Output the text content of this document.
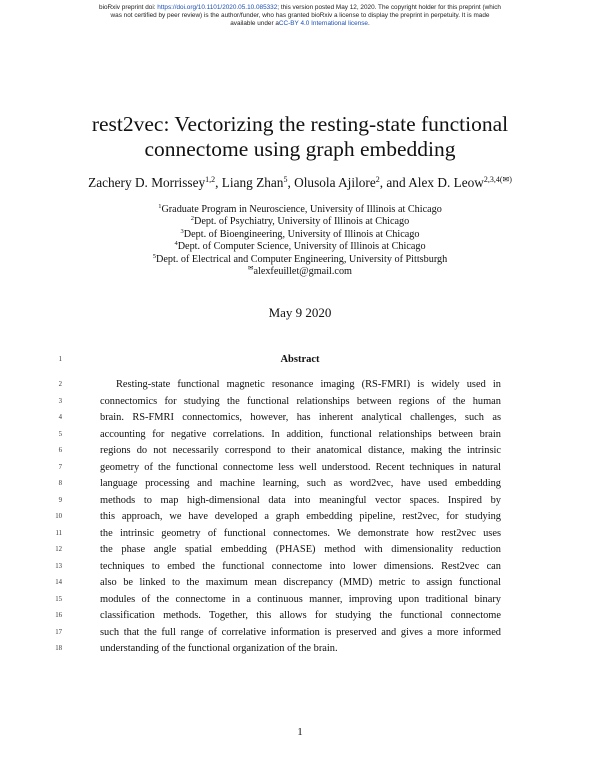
bioRxiv preprint doi: https://doi.org/10.1101/2020.05.10.085332; this version posted May 12, 2020. The copyright holder for this preprint (which
was not certified by peer review) is the author/funder, who has granted bioRxiv a license to display the preprint in perpetuity. It is made
available under aCC-BY 4.0 International license.
rest2vec: Vectorizing the resting-state functional
connectome using graph embedding
Zachery D. Morrissey$^{1,2}$, Liang Zhan$^5$, Olusola Ajilore$^2$, and Alex D. Leow$^{2,3,4(✉)}$
$^1$Graduate Program in Neuroscience, University of Illinois at Chicago
$^2$Dept. of Psychiatry, University of Illinois at Chicago
$^3$Dept. of Bioengineering, University of Illinois at Chicago
$^4$Dept. of Computer Science, University of Illinois at Chicago
$^5$Dept. of Electrical and Computer Engineering, University of Pittsburgh
✉alexfeuillet@gmail.com
May 9 2020
1	Abstract
2	Resting-state functional magnetic resonance imaging (RS-FMRI) is widely used in
3	connectomics for studying the functional relationships between regions of the human
4	brain. RS-FMRI connectomics, however, has inherent analytical challenges, such as
5	accounting for negative correlations. In addition, functional relationships between brain
6	regions do not necessarily correspond to their anatomical distance, making the intrinsic
7	geometry of the functional connectome less well understood. Recent techniques in natural
8	language processing and machine learning, such as word2vec, have used embedding
9	methods to map high-dimensional data into meaningful vector spaces. Inspired by
10	this approach, we have developed a graph embedding pipeline, rest2vec, for studying
11	the intrinsic geometry of functional connectomes. We demonstrate how rest2vec uses
12	the phase angle spatial embedding (PHASE) method with dimensionality reduction
13	techniques to embed the functional connectome into lower dimensions. Rest2vec can
14	also be linked to the maximum mean discrepancy (MMD) metric to assign functional
15	modules of the connectome in a continuous manner, improving upon traditional binary
16	classification methods. Together, this allows for studying the functional connectome
17	such that the full range of correlative information is preserved and gives a more informed
18	understanding of the functional organization of the brain.
1
